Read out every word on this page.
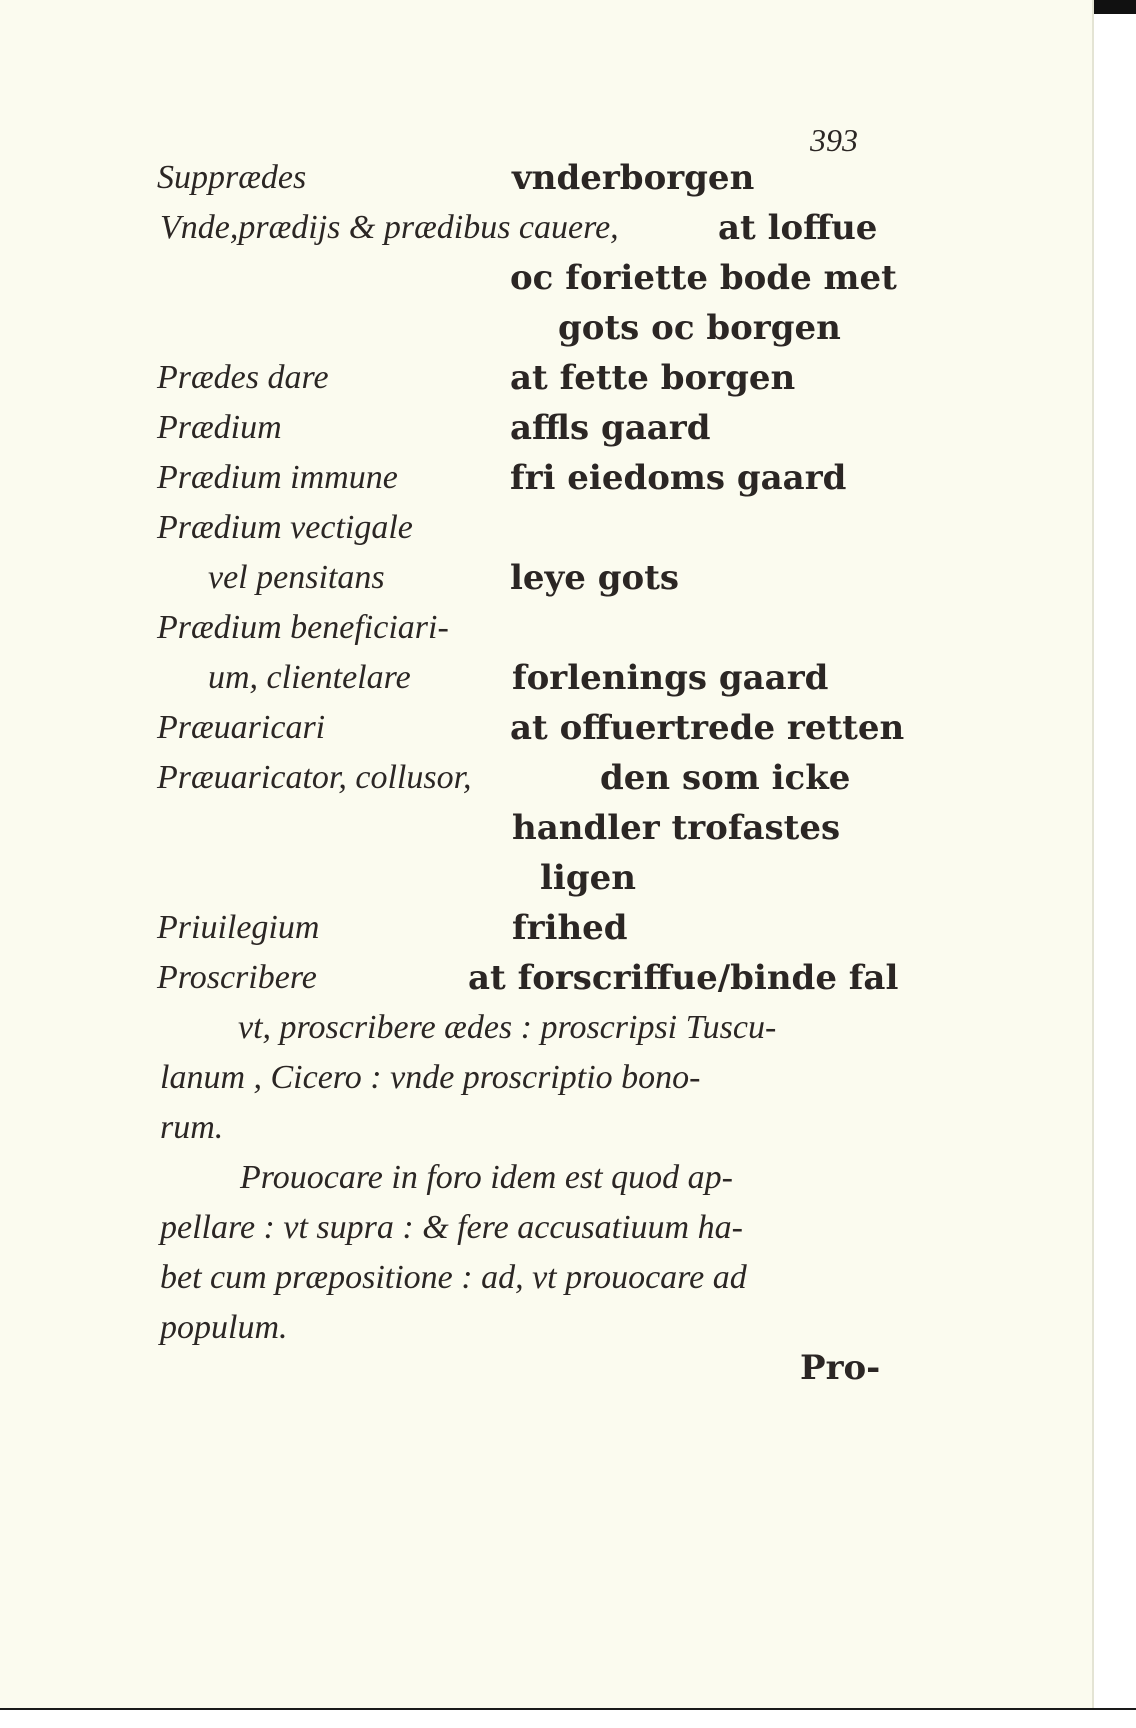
393
Supprædes	vnderborgen
Vnde,prædijs & prædibus cauere,	at loffue
oc foriette bode met
gots oc borgen
Prædes dare	at fette borgen
Prædium	affls gaard
Prædium immune	fri eiedoms gaard
Prædium vectigale
vel pensitans	leye gots
Prædium beneficiari-
um, clientelare	forlenings gaard
Præuaricari	at offuertrede retten
Præuaricator, collusor,	den som icke
handler trofastes
ligen
Priuilegium	frihed
Proscribere	at forscriffue/binde fal
vt, proscribere ædes : proscripsi Tuscu-
lanum , Cicero : vnde proscriptio bono-
rum.
Prouocare in foro idem est quod ap-
pellare : vt supra : & fere accusatiuum ha-
bet cum præpositione : ad, vt prouocare ad
populum.
Pro-
